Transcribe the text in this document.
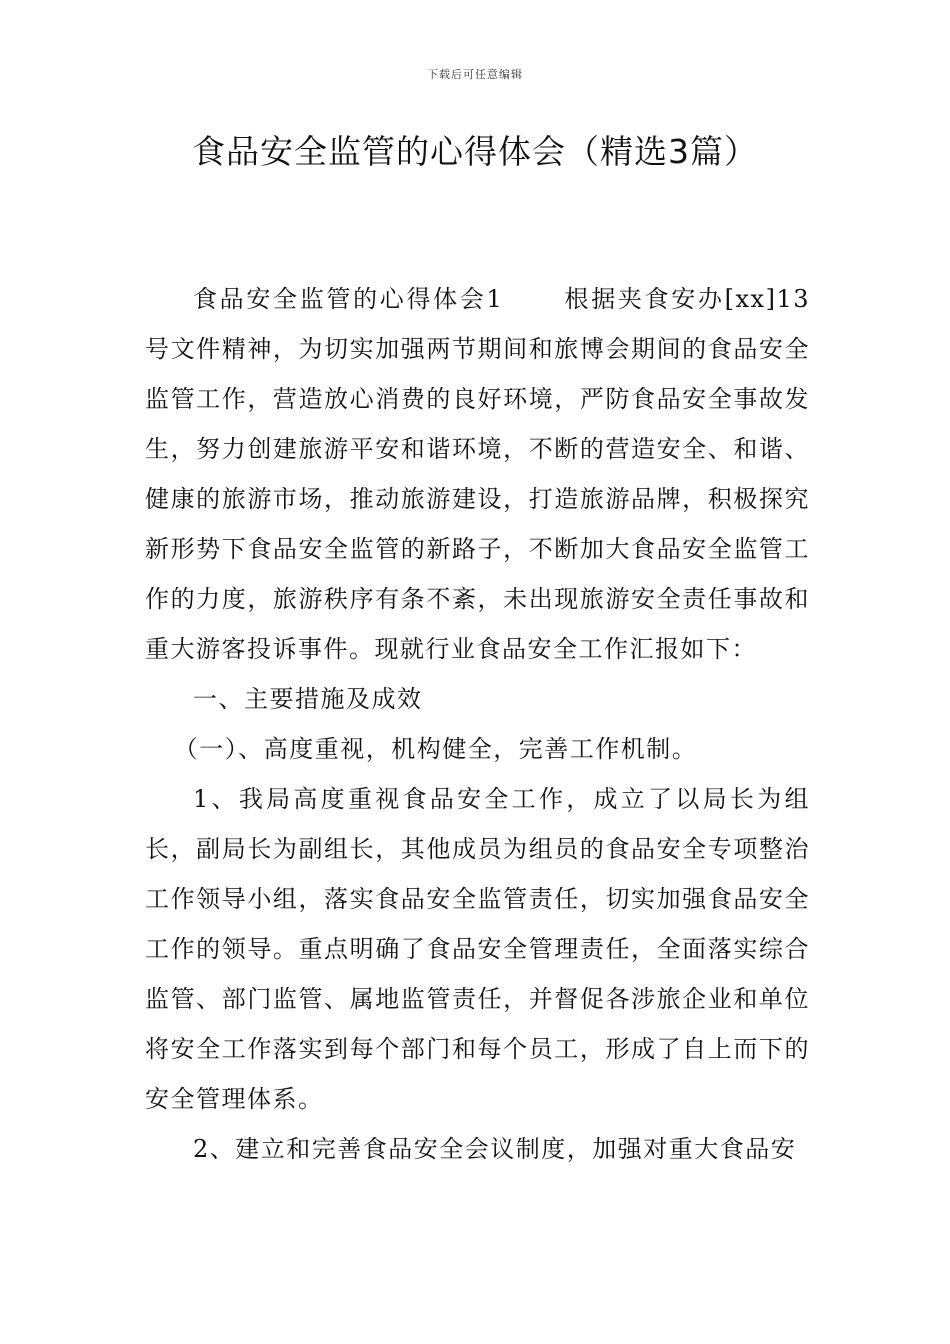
下载后可任意编辑
食品安全监管的心得体会（精选3篇）

食品安全监管的心得体会1	根据夹食安办[xx]13号文件精神，为切实加强两节期间和旅博会期间的食品安全监管工作，营造放心消费的良好环境，严防食品安全事故发生，努力创建旅游平安和谐环境，不断的营造安全、和谐、健康的旅游市场，推动旅游建设，打造旅游品牌，积极探究新形势下食品安全监管的新路子，不断加大食品安全监管工作的力度，旅游秩序有条不紊，未出现旅游安全责任事故和重大游客投诉事件。现就行业食品安全工作汇报如下：

一、主要措施及成效

（一）、高度重视，机构健全，完善工作机制。

1、我局高度重视食品安全工作，成立了以局长为组长，副局长为副组长，其他成员为组员的食品安全专项整治工作领导小组，落实食品安全监管责任，切实加强食品安全工作的领导。重点明确了食品安全管理责任，全面落实综合监管、部门监管、属地监管责任，并督促各涉旅企业和单位将安全工作落实到每个部门和每个员工，形成了自上而下的安全管理体系。

2、建立和完善食品安全会议制度，加强对重大食品安
